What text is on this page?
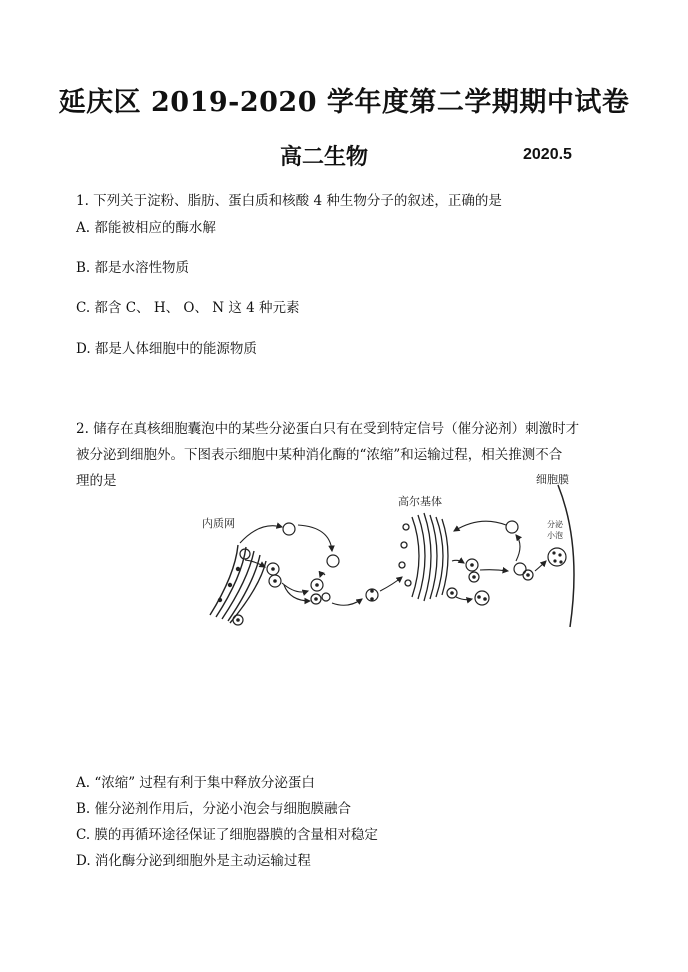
延庆区 2019-2020 学年度第二学期期中试卷
高二生物	2020.5
1. 下列关于淀粉、脂肪、蛋白质和核酸 4 种生物分子的叙述，正确的是
A. 都能被相应的酶水解
B. 都是水溶性物质
C. 都含 C、 H、 O、 N 这 4 种元素
D. 都是人体细胞中的能源物质
2. 储存在真核细胞囊泡中的某些分泌蛋白只有在受到特定信号（催分泌剂）刺激时才
被分泌到细胞外。下图表示细胞中某种消化酶的“浓缩”和运输过程，相关推测不合
理的是
内质网
高尔基体
细胞膜
分泌
小泡
A. “浓缩” 过程有利于集中释放分泌蛋白
B. 催分泌剂作用后，分泌小泡会与细胞膜融合
C. 膜的再循环途径保证了细胞器膜的含量相对稳定
D. 消化酶分泌到细胞外是主动运输过程
